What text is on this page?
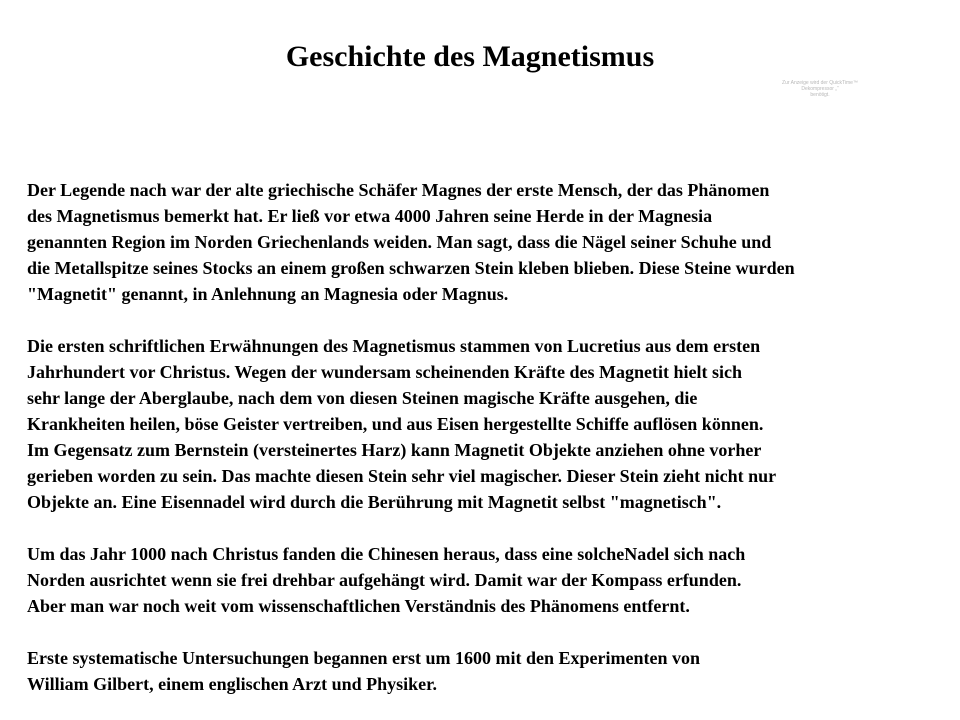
Geschichte des Magnetismus
Zur Anzeige wird der QuickTime™
Dekompressor „“
benötigt.

Der Legende nach war der alte griechische Schäfer Magnes der erste Mensch, der das Phänomen
des Magnetismus bemerkt hat. Er ließ vor etwa 4000 Jahren seine Herde in der Magnesia
genannten Region im Norden Griechenlands weiden. Man sagt, dass die Nägel seiner Schuhe und
die Metallspitze seines Stocks an einem großen schwarzen Stein kleben blieben. Diese Steine wurden
"Magnetit" genannt, in Anlehnung an Magnesia oder Magnus.

Die ersten schriftlichen Erwähnungen des Magnetismus stammen von Lucretius aus dem ersten
Jahrhundert vor Christus. Wegen der wundersam scheinenden Kräfte des Magnetit hielt sich
sehr lange der Aberglaube, nach dem von diesen Steinen magische Kräfte ausgehen, die
Krankheiten heilen, böse Geister vertreiben, und aus Eisen hergestellte Schiffe auflösen können.
Im Gegensatz zum Bernstein (versteinertes Harz) kann Magnetit Objekte anziehen ohne vorher
gerieben worden zu sein. Das machte diesen Stein sehr viel magischer. Dieser Stein zieht nicht nur
Objekte an. Eine Eisennadel wird durch die Berührung mit Magnetit selbst "magnetisch".

Um das Jahr 1000 nach Christus fanden die Chinesen heraus, dass eine solcheNadel sich nach
Norden ausrichtet wenn sie frei drehbar aufgehängt wird. Damit war der Kompass erfunden.
Aber man war noch weit vom wissenschaftlichen Verständnis des Phänomens entfernt.

Erste systematische Untersuchungen begannen erst um 1600 mit den Experimenten von
William Gilbert, einem englischen Arzt und Physiker.
